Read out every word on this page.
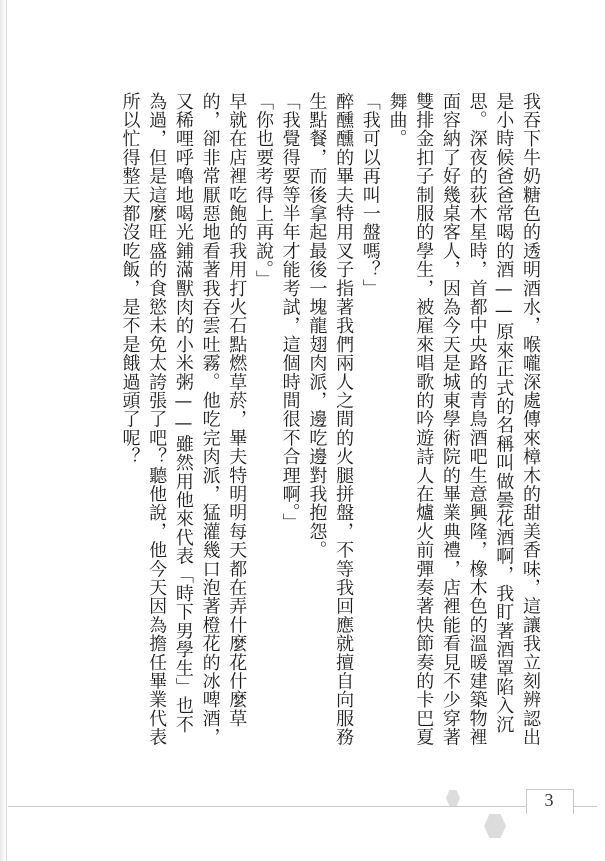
我吞下牛奶糖色的透明酒水，喉嚨深處傳來樟木的甜美香味，這讓我立刻辨認出是小時候爸爸常喝的酒——原來正式的名稱叫做曇花酒啊，我盯著酒罩陷入沉思。深夜的荻木星時，首都中央路的青鳥酒吧生意興隆，橡木色的溫暖建築物裡面容納了好幾桌客人，因為今天是城東學術院的畢業典禮，店裡能看見不少穿著雙排金扣子制服的學生，被雇來唱歌的吟遊詩人在爐火前彈奏著快節奏的卡巴夏舞曲。

「我可以再叫一盤嗎？」

醉醺醺的畢夫特用叉子指著我們兩人之間的火腿拼盤，不等我回應就擅自向服務生點餐，而後拿起最後一塊龍翅肉派，邊吃邊對我抱怨。

「我覺得要等半年才能考試，這個時間很不合理啊。」

「你也要考得上再說。」

早就在店裡吃飽的我用打火石點燃草菸，畢夫特明明每天都在弄什麼花什麼草的，卻非常厭惡地看著我吞雲吐霧。他吃完肉派，猛灌幾口泡著橙花的冰啤酒，又稀哩呼嚕地喝光鋪滿獸肉的小米粥——雖然用他來代表「時下男學生」也不為過，但是這麼旺盛的食慾未免太誇張了吧？聽他說，他今天因為擔任畢業代表所以忙得整天都沒吃飯，是不是餓過頭了呢？

3
